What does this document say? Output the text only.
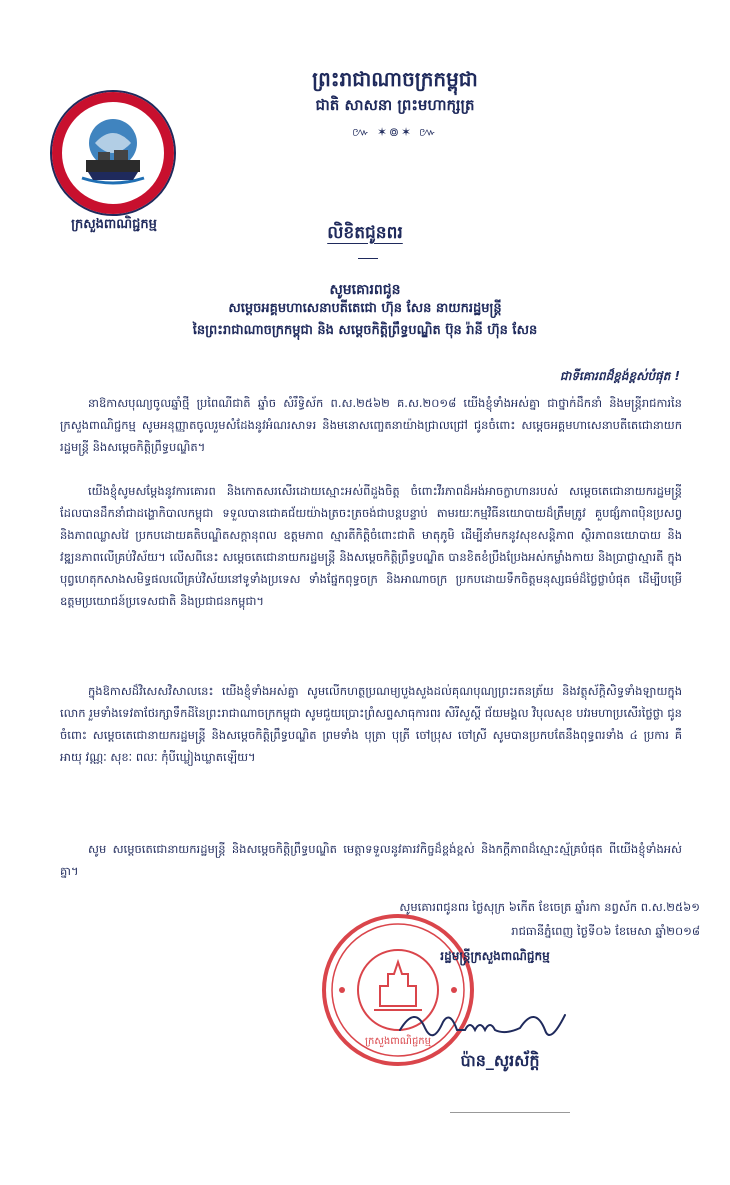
ព្រះរាជាណាចក្រកម្ពុជា
ជាតិ សាសនា ព្រះមហាក្សត្រ
៚ ✶៙✶ ៚
ក្រសួងពាណិជ្ជកម្ម	លិខិតជូនពរ
សូមគោរពជូន
សម្តេចអគ្គមហាសេនាបតីតេជោ ហ៊ុន សែន នាយករដ្ឋមន្ត្រី
នៃព្រះរាជាណាចក្រកម្ពុជា និង សម្តេចកិត្តិព្រឹទ្ធបណ្ឌិត ប៊ុន រ៉ានី ហ៊ុន សែន
ជាទីគោរពដ៏ខ្ពង់ខ្ពស់បំផុត !
នាឱកាសបុណ្យចូលឆ្នាំថ្មី ប្រពៃណីជាតិ ឆ្នាំច សំរឹទ្ធិស័ក ព.ស.២៥៦២ គ.ស.២០១៨ យើងខ្ញុំទាំងអស់គ្នា ជាថ្នាក់ដឹកនាំ និងមន្ត្រីរាជការនៃក្រសួងពាណិជ្ជកម្ម សូមអនុញ្ញាតចូលរួមសំដែងនូវអំណរសាទរ និងមនោសញ្ចេតនាយ៉ាងជ្រាលជ្រៅ ជូនចំពោះ សម្តេចអគ្គមហាសេនាបតីតេជោនាយករដ្ឋមន្ត្រី និងសម្តេចកិត្តិព្រឹទ្ធបណ្ឌិត។
យើងខ្ញុំសូមសម្តែងនូវការគោរព និងកោតសរសើរដោយស្មោះអស់ពីដួងចិត្ត ចំពោះវីរភាពដ៏អង់អាចក្លាហានរបស់ សម្តេចតេជោនាយករដ្ឋមន្ត្រី ដែលបានដឹកនាំជាដង្ហោកិបាលកម្ពុជា ទទួលបានជោគជ័យយ៉ាងត្រចះត្រចង់ជាបន្តបន្ទាប់ តាមរយៈកម្មវិធីនយោបាយដ៏ត្រឹមត្រូវ គួបផ្សំភាពប៉ិនប្រសព្វ និងភាពឈ្លាសវៃ ប្រកបដោយគតិបណ្ឌិតសក្តានុពល ឧត្តមភាព ស្មារតីកិត្តិចំពោះជាតិ មាតុភូមិ ដើម្បីនាំមកនូវសុខសន្តិភាព ស្ថិរភាពនយោបាយ និងវឌ្ឍនភាពលើគ្រប់វិស័យ។ លើសពីនេះ សម្តេចតេជោនាយករដ្ឋមន្ត្រី និងសម្តេចកិត្តិព្រឹទ្ធបណ្ឌិត បានខិតខំប្រឹងប្រែងអស់កម្លាំងកាយ និងប្រាជ្ញាស្មារតី ក្នុងបុព្វហេតុកសាងសមិទ្ធផលលើគ្រប់វិស័យនៅទូទាំងប្រទេស ទាំងផ្នែកពុទ្ធចក្រ និងអាណាចក្រ ប្រកបដោយទឹកចិត្តមនុស្សធម៌ដ៏ថ្លៃថ្លាបំផុត ដើម្បីបម្រើឧត្តមប្រយោជន៍ប្រទេសជាតិ និងប្រជាជនកម្ពុជា។
ក្នុងឱកាសដ៏វិសេសវិសាលនេះ យើងខ្ញុំទាំងអស់គ្នា សូមលើកហត្ថប្រណម្យបួងសួងដល់គុណបុណ្យព្រះរតនត្រ័យ និងវត្ថុស័ក្តិសិទ្ធទាំងឡាយក្នុងលោក រួមទាំងទេវតាថែរក្សាទឹកដីនៃព្រះរាជាណាចក្រកម្ពុជា សូមជួយប្រោះព្រំសព្ទសាធុការពរ សិរីសួស្តី ជ័យមង្គល វិបុលសុខ បវរមហាប្រសើរថ្លៃថ្លា ជូនចំពោះ សម្តេចតេជោនាយករដ្ឋមន្ត្រី និងសម្តេចកិត្តិព្រឹទ្ធបណ្ឌិត ព្រមទាំង បុត្រា បុត្រី ចៅប្រុស ចៅស្រី សូមបានប្រកបតែនឹងពុទ្ធពរទាំង ៤ ប្រការ គឺ អាយុ វណ្ណៈ សុខៈ ពលៈ កុំបីឃ្លៀងឃ្លាតឡើយ។
សូម សម្តេចតេជោនាយករដ្ឋមន្ត្រី និងសម្តេចកិត្តិព្រឹទ្ធបណ្ឌិត មេត្តាទទួលនូវគារវកិច្ចដ៏ខ្ពង់ខ្ពស់ និងកក្តីភាពដ៏ស្មោះស្ម័គ្របំផុត ពីយើងខ្ញុំទាំងអស់គ្នា។
ក្រសួងពាណិជ្ជកម្ម
សូមគោរពជូនពរ ថ្ងៃសុក្រ ៦កើត ខែចេត្រ ឆ្នាំរកា នព្វស័ក ព.ស.២៥៦១
រាជធានីភ្នំពេញ ថ្ងៃទី០៦ ខែមេសា ឆ្នាំ២០១៨
រដ្ឋមន្ត្រីក្រសួងពាណិជ្ជកម្ម
ប៉ាន_សូរស័ក្តិ
